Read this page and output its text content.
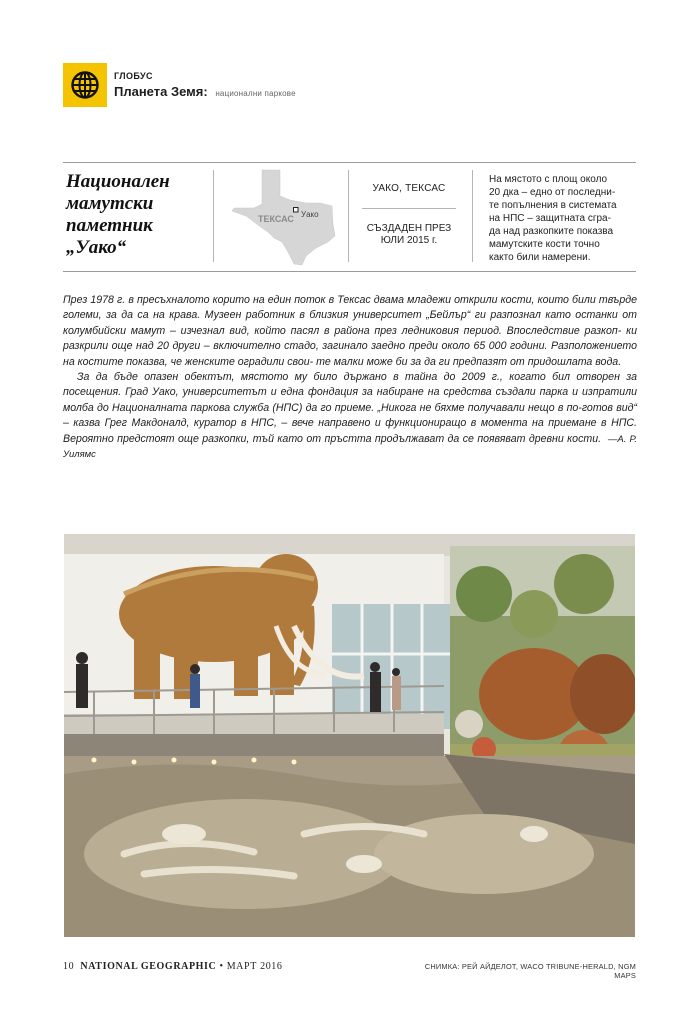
ГЛОБУС
Планета Земя: национални паркове
Национален
мамутски
паметник
„Уако“
ТЕКСАС Уако
УАКО, ТЕКСАС
СЪЗДАДЕН ПРЕЗ
ЮЛИ 2015 г.
На мястото с площ около
20 дка – едно от последни-
те попълнения в системата
на НПС – защитната сгра-
да над разкопките показва
мамутските кости точно
както били намерени.

През 1978 г. в пресъхналото корито на един поток в Тексас двама младежи открили кости, които били твърде големи, за да са на крава. Музеен работник в близкия университет „Бейлър“ ги разпознал като останки от колумбийски мамут – изчезнал вид, който пасял в района през ледниковия период. Впоследствие разкоп- ки разкрили още над 20 други – включително стадо, загинало заедно преди около 65 000 години. Разположението на костите показва, че женските оградили свои- те малки може би за да ги предпазят от придошлата вода.

За да бъде опазен обектът, мястото му било държано в тайна до 2009 г., когато бил отворен за посещения. Град Уако, университетът и една фондация за набиране на средства създали парка и изпратили молба до Националната паркова служба (НПС) да го приеме. „Никога не бяхме получавали нещо в по-готов вид“ – казва Грег Макдоналд, куратор в НПС, – вече направено и функциониращо в момента на приемане в НПС. Вероятно предстоят още разкопки, тъй като от пръстта продължават да се появяват древни кости. —А. Р. Уилямс

10 NATIONAL GEOGRAPHIC • МАРТ 2016	СНИМКА: РЕЙ АЙДЕЛОТ, WACO TRIBUNE-HERALD, NGM MAPS
